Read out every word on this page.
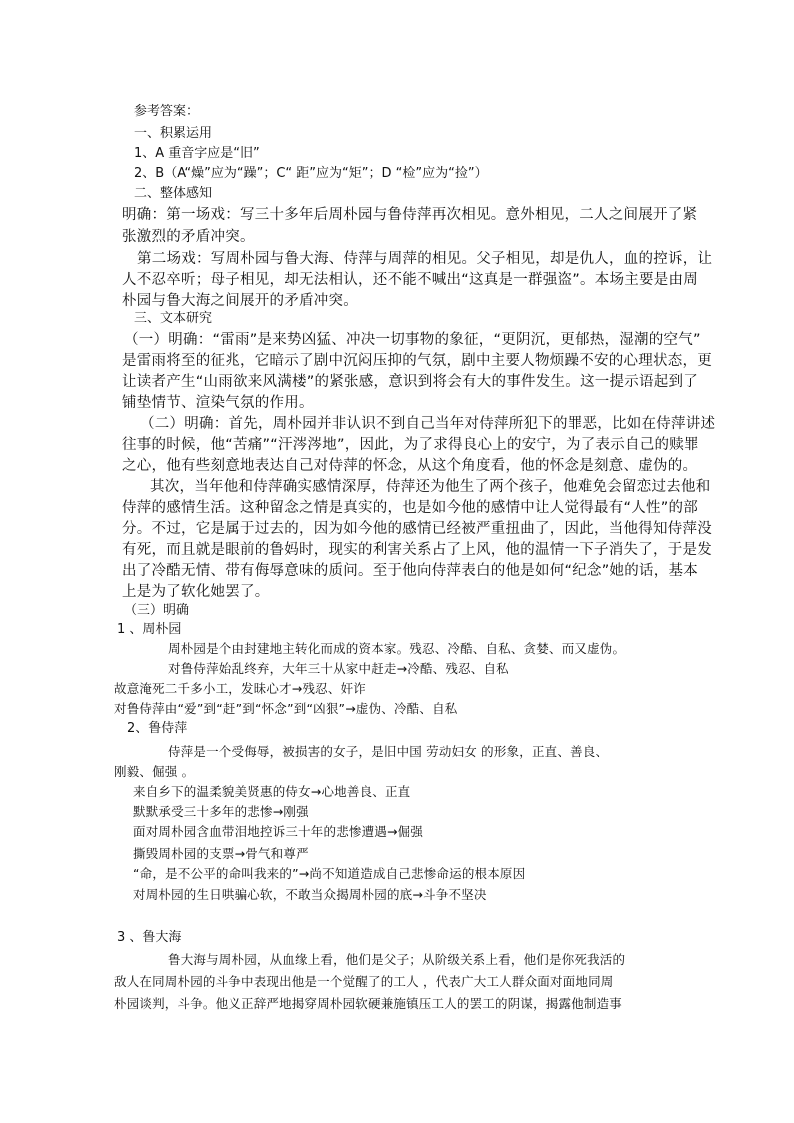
参考答案：
一、积累运用
1、A 重音字应是“旧”
2、B（A“燥”应为“躁”；C“ 距”应为“矩”；D “检”应为“捡”）
二、整体感知
明确：第一场戏：写三十多年后周朴园与鲁侍萍再次相见。意外相见，二人之间展开了紧
张激烈的矛盾冲突。
第二场戏：写周朴园与鲁大海、侍萍与周萍的相见。父子相见，却是仇人，血的控诉，让
人不忍卒听；母子相见，却无法相认，还不能不喊出“这真是一群强盗”。本场主要是由周
朴园与鲁大海之间展开的矛盾冲突。
三、文本研究
（一）明确：“雷雨”是来势凶猛、冲决一切事物的象征，“更阴沉，更郁热，湿潮的空气”
是雷雨将至的征兆，它暗示了剧中沉闷压抑的气氛，剧中主要人物烦躁不安的心理状态，更
让读者产生“山雨欲来风满楼”的紧张感，意识到将会有大的事件发生。这一提示语起到了
铺垫情节、渲染气氛的作用。
（二）明确：首先，周朴园并非认识不到自己当年对侍萍所犯下的罪恶，比如在侍萍讲述
往事的时候，他“苦痛”“汗涔涔地”，因此，为了求得良心上的安宁，为了表示自己的赎罪
之心，他有些刻意地表达自己对侍萍的怀念，从这个角度看，他的怀念是刻意、虚伪的。
其次，当年他和侍萍确实感情深厚，侍萍还为他生了两个孩子，他难免会留恋过去他和
侍萍的感情生活。这种留念之情是真实的，也是如今他的感情中让人觉得最有“人性”的部
分。不过，它是属于过去的，因为如今他的感情已经被严重扭曲了，因此，当他得知侍萍没
有死，而且就是眼前的鲁妈时，现实的利害关系占了上风，他的温情一下子消失了，于是发
出了冷酷无情、带有侮辱意味的质问。至于他向侍萍表白的他是如何“纪念”她的话，基本
上是为了软化她罢了。
（三）明确
1 、周朴园
周朴园是个由封建地主转化而成的资本家。残忍、冷酷、自私、贪婪、而又虚伪。
对鲁侍萍始乱终弃，大年三十从家中赶走→冷酷、残忍、自私
故意淹死二千多小工，发昧心才→残忍、奸诈
对鲁侍萍由“爱”到“赶”到“怀念”到“凶狠”→虚伪、冷酷、自私
2、鲁侍萍
侍萍是一个受侮辱，被损害的女子，是旧中国 劳动妇女 的形象，正直、善良、
刚毅、倔强 。
来自乡下的温柔貌美贤惠的侍女→心地善良、正直
默默承受三十多年的悲惨→刚强
面对周朴园含血带泪地控诉三十年的悲惨遭遇→倔强
撕毁周朴园的支票→骨气和尊严
“命，是不公平的命叫我来的”→尚不知道造成自己悲惨命运的根本原因
对周朴园的生日哄骗心软，不敢当众揭周朴园的底→斗争不坚决
3 、鲁大海
鲁大海与周朴园，从血缘上看，他们是父子；从阶级关系上看，他们是你死我活的
敌人在同周朴园的斗争中表现出他是一个觉醒了的工人 ，代表广大工人群众面对面地同周
朴园谈判，斗争。他义正辞严地揭穿周朴园软硬兼施镇压工人的罢工的阴谋，揭露他制造事
